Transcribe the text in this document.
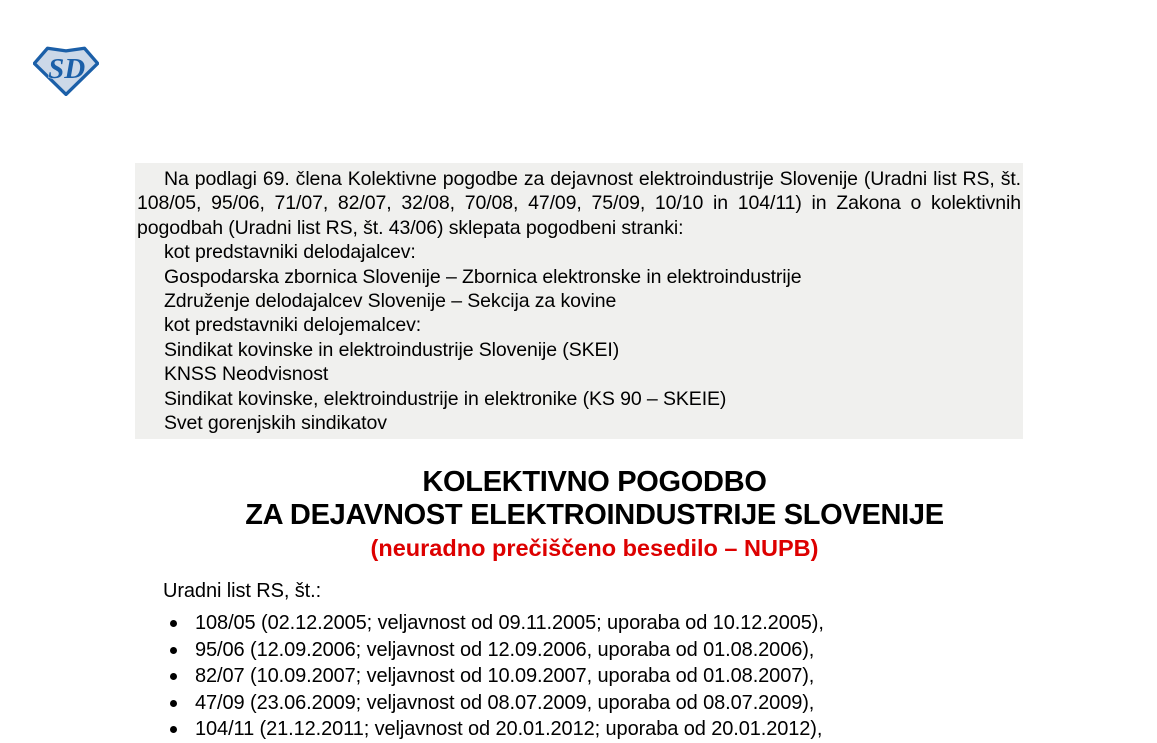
SD

Na podlagi 69. člena Kolektivne pogodbe za dejavnost elektroindustrije Slovenije (Uradni list RS, št. 108/05, 95/06, 71/07, 82/07, 32/08, 70/08, 47/09, 75/09, 10/10 in 104/11) in Zakona o kolektivnih pogodbah (Uradni list RS, št. 43/06) sklepata pogodbeni stranki:

kot predstavniki delodajalcev:
Gospodarska zbornica Slovenije – Zbornica elektronske in elektroindustrije
Združenje delodajalcev Slovenije – Sekcija za kovine
kot predstavniki delojemalcev:
Sindikat kovinske in elektroindustrije Slovenije (SKEI)
KNSS Neodvisnost
Sindikat kovinske, elektroindustrije in elektronike (KS 90 – SKEIE)
Svet gorenjskih sindikatov
KOLEKTIVNO POGODBO
ZA DEJAVNOST ELEKTROINDUSTRIJE SLOVENIJE
(neuradno prečiščeno besedilo – NUPB)
Uradni list RS, št.:
108/05 (02.12.2005; veljavnost od 09.11.2005; uporaba od 10.12.2005),
95/06 (12.09.2006; veljavnost od 12.09.2006, uporaba od 01.08.2006),
82/07 (10.09.2007; veljavnost od 10.09.2007, uporaba od 01.08.2007),
47/09 (23.06.2009; veljavnost od 08.07.2009, uporaba od 08.07.2009),
104/11 (21.12.2011; veljavnost od 20.01.2012; uporaba od 20.01.2012),
